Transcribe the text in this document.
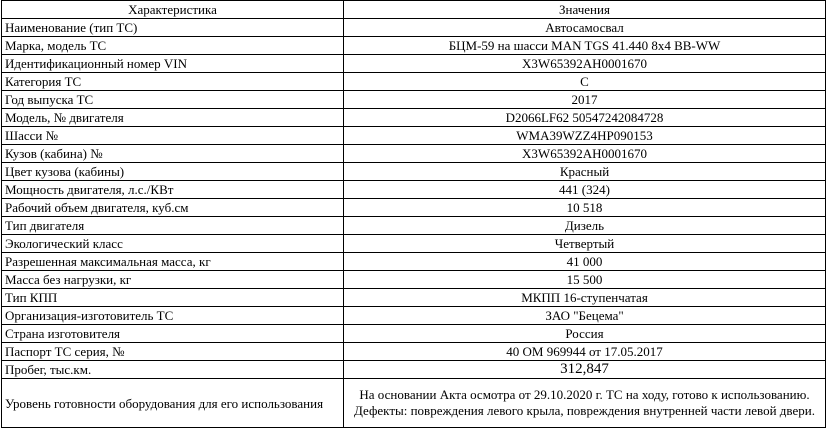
Характеристика	Значения
Наименование (тип ТС)	Автосамосвал
Марка, модель ТС	БЦМ-59 на шасси MAN TGS 41.440 8x4 BB-WW
Идентификационный номер VIN	X3W65392AH0001670
Категория ТС	C
Год выпуска ТС	2017
Модель, № двигателя	D2066LF62 50547242084728
Шасси №	WMA39WZZ4HP090153
Кузов (кабина) №	X3W65392AH0001670
Цвет кузова (кабины)	Красный
Мощность двигателя, л.с./КВт	441 (324)
Рабочий объем двигателя, куб.см	10 518
Тип двигателя	Дизель
Экологический класс	Четвертый
Разрешенная максимальная масса, кг	41 000
Масса без нагрузки, кг	15 500
Тип КПП	МКПП 16-ступенчатая
Организация-изготовитель ТС	ЗАО "Бецема"
Страна изготовителя	Россия
Паспорт ТС серия, №	40 ОМ 969944 от 17.05.2017
Пробег, тыс.км.	312,847
Уровень готовности оборудования для его использования	На основании Акта осмотра от 29.10.2020 г. ТС на ходу, готово к использованию. Дефекты: повреждения левого крыла, повреждения внутренней части левой двери.
